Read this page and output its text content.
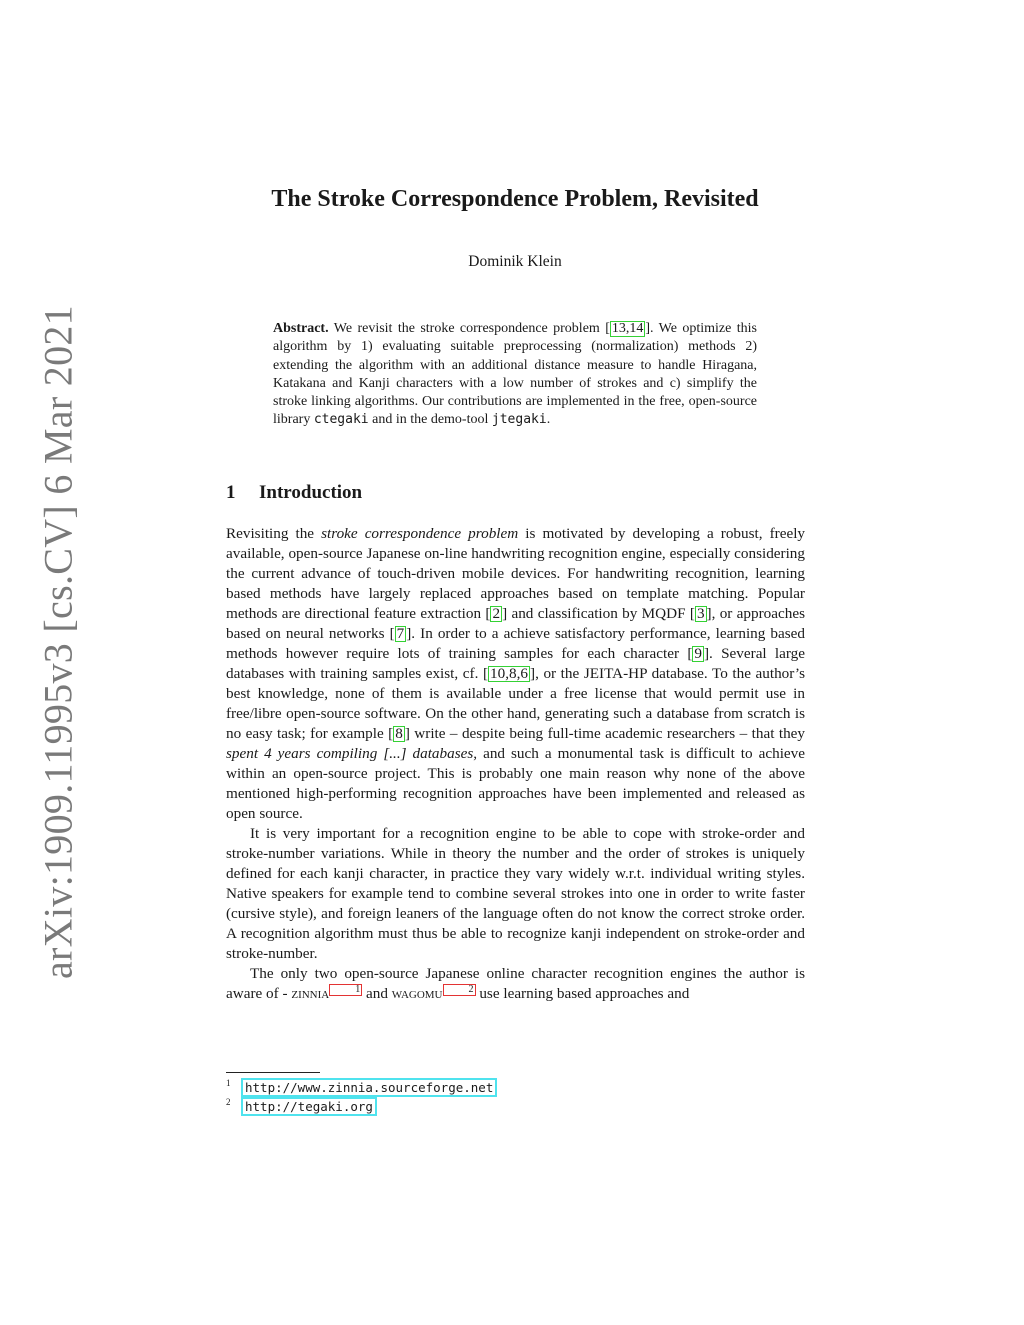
arXiv:1909.11995v3 [cs.CV] 6 Mar 2021
The Stroke Correspondence Problem, Revisited
Dominik Klein
Abstract. We revisit the stroke correspondence problem [ 13,14 ]. We optimize this algorithm by 1) evaluating suitable preprocessing (normalization) methods 2) extending the algorithm with an additional distance measure to handle Hiragana, Katakana and Kanji characters with a low number of strokes and c) simplify the stroke linking algorithms. Our contributions are implemented in the free, open-source library ctegaki and in the demo-tool jtegaki.
1 Introduction

Revisiting the stroke correspondence problem is motivated by developing a robust, freely available, open-source Japanese on-line handwriting recognition engine, especially considering the current advance of touch-driven mobile devices. For handwriting recognition, learning based methods have largely replaced approaches based on template matching. Popular methods are directional feature extraction [ 2 ] and classification by MQDF [ 3 ], or approaches based on neural networks [ 7 ]. In order to a achieve satisfactory performance, learning based methods however require lots of training samples for each character [ 9 ]. Several large databases with training samples exist, cf. [ 10,8,6 ], or the JEITA-HP database. To the author’s best knowledge, none of them is available under a free license that would permit use in free/libre open-source software. On the other hand, generating such a database from scratch is no easy task; for example [ 8 ] write – despite being full-time academic researchers – that they spent 4 years compiling [...] databases, and such a monumental task is difficult to achieve within an open-source project. This is probably one main reason why none of the above mentioned high-performing recognition approaches have been implemented and released as open source.

It is very important for a recognition engine to be able to cope with stroke-order and stroke-number variations. While in theory the number and the order of strokes is uniquely defined for each kanji character, in practice they vary widely w.r.t. individual writing styles. Native speakers for example tend to combine several strokes into one in order to write faster (cursive style), and foreign leaners of the language often do not know the correct stroke order. A recognition algorithm must thus be able to recognize kanji independent on stroke-order and stroke-number.

The only two open-source Japanese online character recognition engines the author is aware of - zinnia	1 and wagomu	2 use learning based approaches and

1	http://www.zinnia.sourceforge.net
2	http://tegaki.org
